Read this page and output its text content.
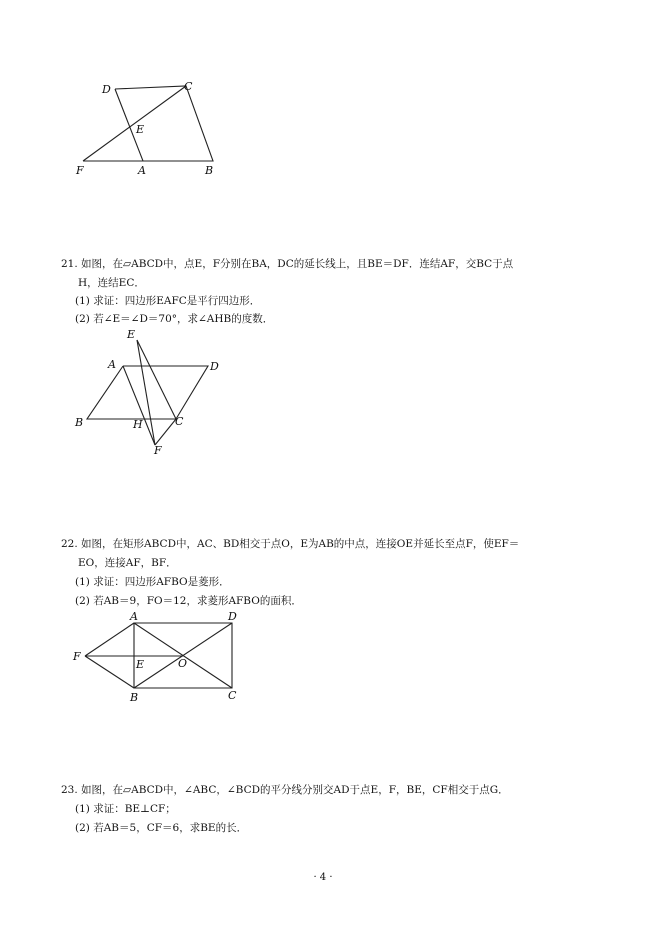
D	C
E
F	A	B
21. 如图，在▱ABCD中，点E，F分别在BA，DC的延长线上，且BE＝DF．连结AF，交BC于点
H，连结EC．
(1) 求证：四边形EAFC是平行四边形．
(2) 若∠E＝∠D＝70°，求∠AHB的度数．
E
A	D
B	H	C
F
22. 如图，在矩形ABCD中，AC、BD相交于点O，E为AB的中点，连接OE并延长至点F，使EF＝
EO，连接AF，BF．
(1) 求证：四边形AFBO是菱形．
(2) 若AB＝9，FO＝12，求菱形AFBO的面积．
A	D
F
E	O
B	C
23. 如图，在▱ABCD中，∠ABC，∠BCD的平分线分别交AD于点E，F，BE，CF相交于点G．
(1) 求证：BE⊥CF；
(2) 若AB＝5，CF＝6，求BE的长．
· 4 ·
